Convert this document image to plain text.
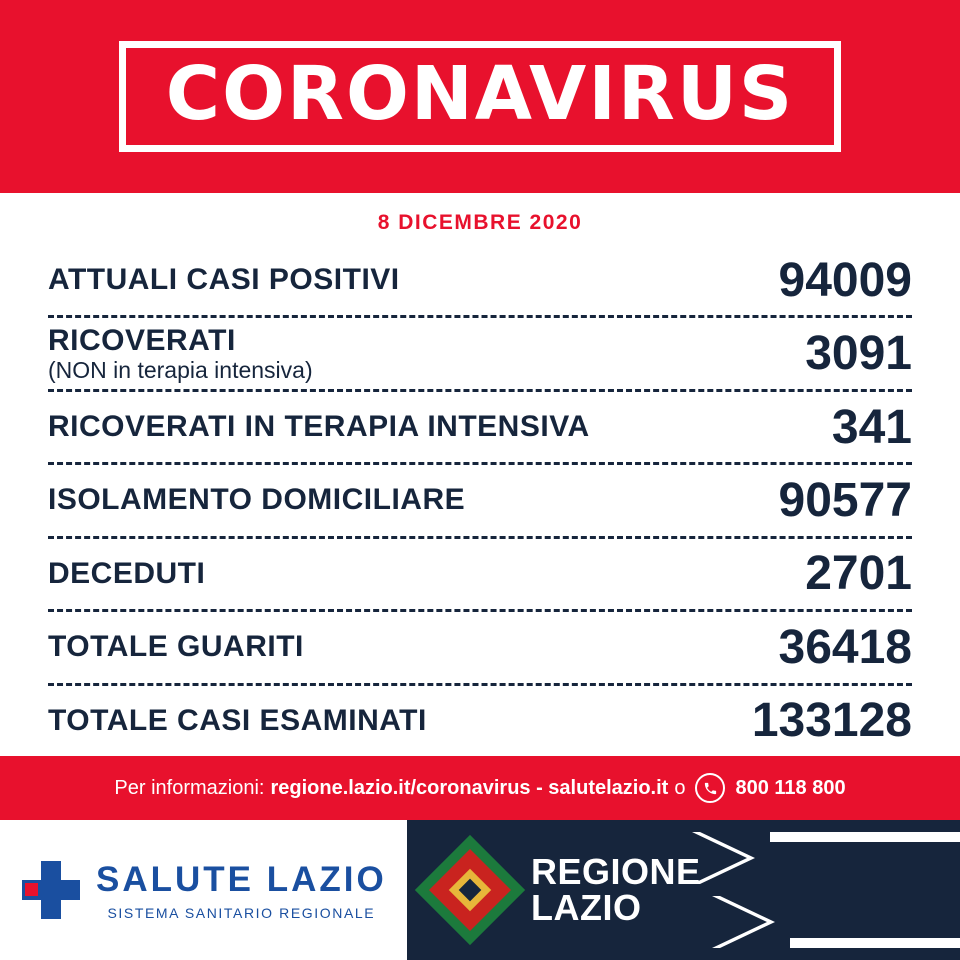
CORONAVIRUS
8 DICEMBRE 2020
ATTUALI CASI POSITIVI	94009
RICOVERATI
(NON in terapia intensiva)	3091
RICOVERATI IN TERAPIA INTENSIVA	341
ISOLAMENTO DOMICILIARE	90577
DECEDUTI	2701
TOTALE GUARITI	36418
TOTALE CASI ESAMINATI	133128
Per informazioni: regione.lazio.it/coronavirus - salutelazio.it o	800 118 800
SALUTE LAZIO
SISTEMA SANITARIO REGIONALE
REGIONE
LAZIO
